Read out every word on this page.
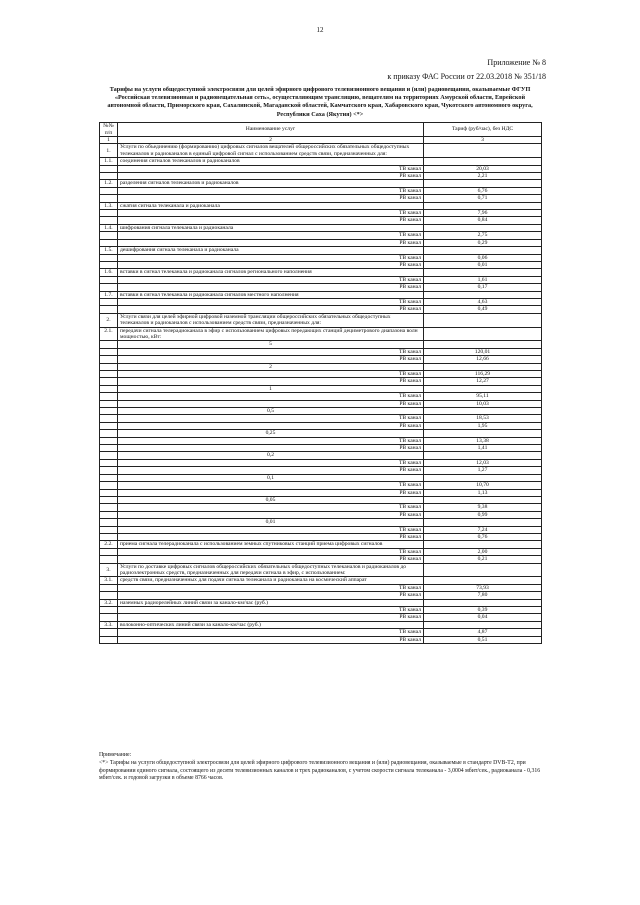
12
Приложение № 8
к приказу ФАС России от 22.03.2018 № 351/18
Тарифы на услуги общедоступной электросвязи для целей эфирного цифрового телевизионного вещания и (или) радиовещания, оказываемые ФГУП «Российская телевизионная и радиовещательная сеть», осуществляющим трансляцию, вещателям на территориях Амурской области, Еврейской автономной области, Приморского края, Сахалинской, Магаданской областей, Камчатского края, Хабаровского края, Чукотского автономного округа, Республики Саха (Якутия) <*>
№№ п/п	Наименование услуг	Тариф (руб/час), без НДС
1	2	3
1.	Услуги по объединению (формированию) цифровых сигналов вещателей общероссийских обязательных общедоступных телеканалов и радиоканалов в единый цифровой сигнал с использованием средств связи, предназначенных для:	
1.1.	соединения сигналов телеканалов и радиоканалов	
	ТВ канал	20,03
	РВ канал	2,21
1.2.	разделения сигналов телеканалов и радиоканалов	
	ТВ канал	6,76
	РВ канал	0,71
1.3.	сжатия сигнала телеканала и радиоканала	
	ТВ канал	7,96
	РВ канал	0,84
1.4.	шифрования сигнала телеканала и радиоканала	
	ТВ канал	2,75
	РВ канал	0,29
1.5.	дешифрования сигнала телеканала и радиоканала	
	ТВ канал	0,06
	РВ канал	0,01
1.6.	вставки в сигнал телеканала и радиоканала сигналов регионального наполнения	
	ТВ канал	1,61
	РВ канал	0,17
1.7.	вставки в сигнал телеканала и радиоканала сигналов местного наполнения	
	ТВ канал	4,63
	РВ канал	0,49
2.	Услуги связи для целей эфирной цифровой наземной трансляции общероссийских обязательных общедоступных телеканалов и радиоканалов с использованием средств связи, предназначенных для:	
2.1.	передачи сигнала телерадиоканала в эфир с использованием цифровых передающих станций дециметрового диапазона волн мощностью, кВт:	
	5	
	ТВ канал	120,01
	РВ канал	12,66
	2	
	ТВ канал	116,29
	РВ канал	12,27
	1	
	ТВ канал	95,11
	РВ канал	10,03
	0,5	
	ТВ канал	18,53
	РВ канал	1,95
	0,25	
	ТВ канал	13,38
	РВ канал	1,41
	0,2	
	ТВ канал	12,03
	РВ канал	1,27
	0,1	
	ТВ канал	10,70
	РВ канал	1,13
	0,05	
	ТВ канал	9,38
	РВ канал	0,99
	0,01	
	ТВ канал	7,24
	РВ канал	0,76
2.2.	приема сигнала телерадиоканала с использованием земных спутниковых станций приема цифровых сигналов	
	ТВ канал	2,00
	РВ канал	0,21
3.	Услуги по доставке цифровых сигналов общероссийских обязательных общедоступных телеканалов и радиоканалов до радиоэлектронных средств, предназначенных для передачи сигнала в эфир, с использованием:	
3.1.	средств связи, предназначенных для подачи сигнала телеканала и радиоканала на космический аппарат	
	ТВ канал	73,93
	РВ канал	7,80
3.2.	наземных радиорелейных линий связи за канало-км/час (руб.)	
	ТВ канал	0,39
	РВ канал	0,04
3.3.	волоконно-оптических линий связи за канало-км/час (руб.)	
	ТВ канал	4,87
	РВ канал	0,51
Примечание:
<*> Тарифы на услуги общедоступной электросвязи для целей эфирного цифрового телевизионного вещания и (или) радиовещания, оказываемые в стандарте DVB-T2, при формировании единого сигнала, состоящего из десяти телевизионных каналов и трех радиоканалов, с учетом скорости сигнала телеканала - 3,0004 мбит/сек., радиоканала - 0,316 мбит/сек. и годовой загрузки в объеме 8766 часов.
